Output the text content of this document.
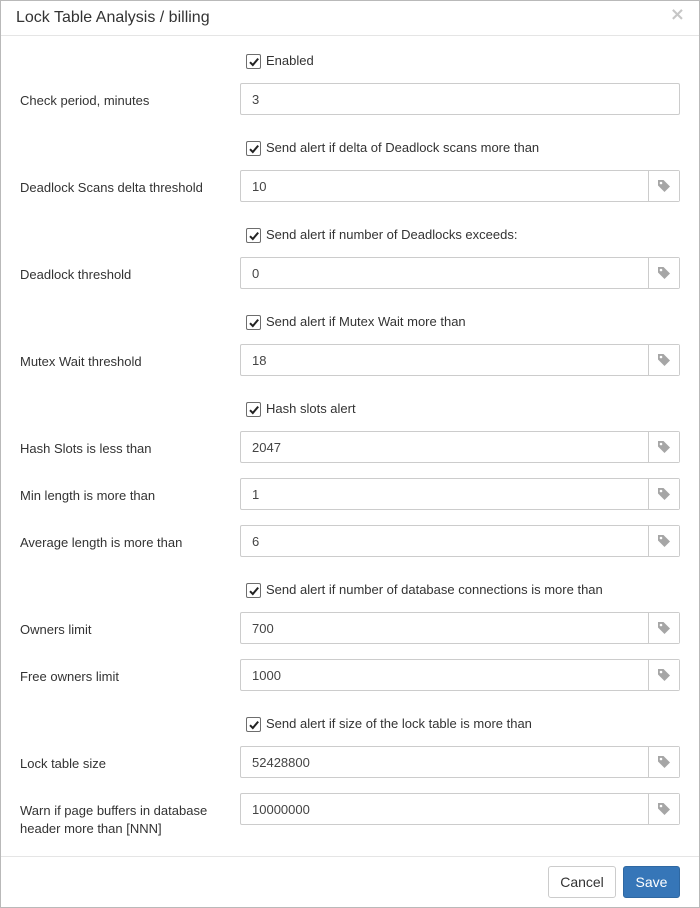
Lock Table Analysis / billing	×
Enabled
Check period, minutes
3
Send alert if delta of Deadlock scans more than
Deadlock Scans delta threshold
10
Send alert if number of Deadlocks exceeds:
Deadlock threshold
0
Send alert if Mutex Wait more than
Mutex Wait threshold
18
Hash slots alert
Hash Slots is less than
2047
Min length is more than
1
Average length is more than
6
Send alert if number of database connections is more than
Owners limit
700
Free owners limit
1000
Send alert if size of the lock table is more than
Lock table size
52428800
Warn if page buffers in database header more than [NNN]
10000000
Cancel	Save
